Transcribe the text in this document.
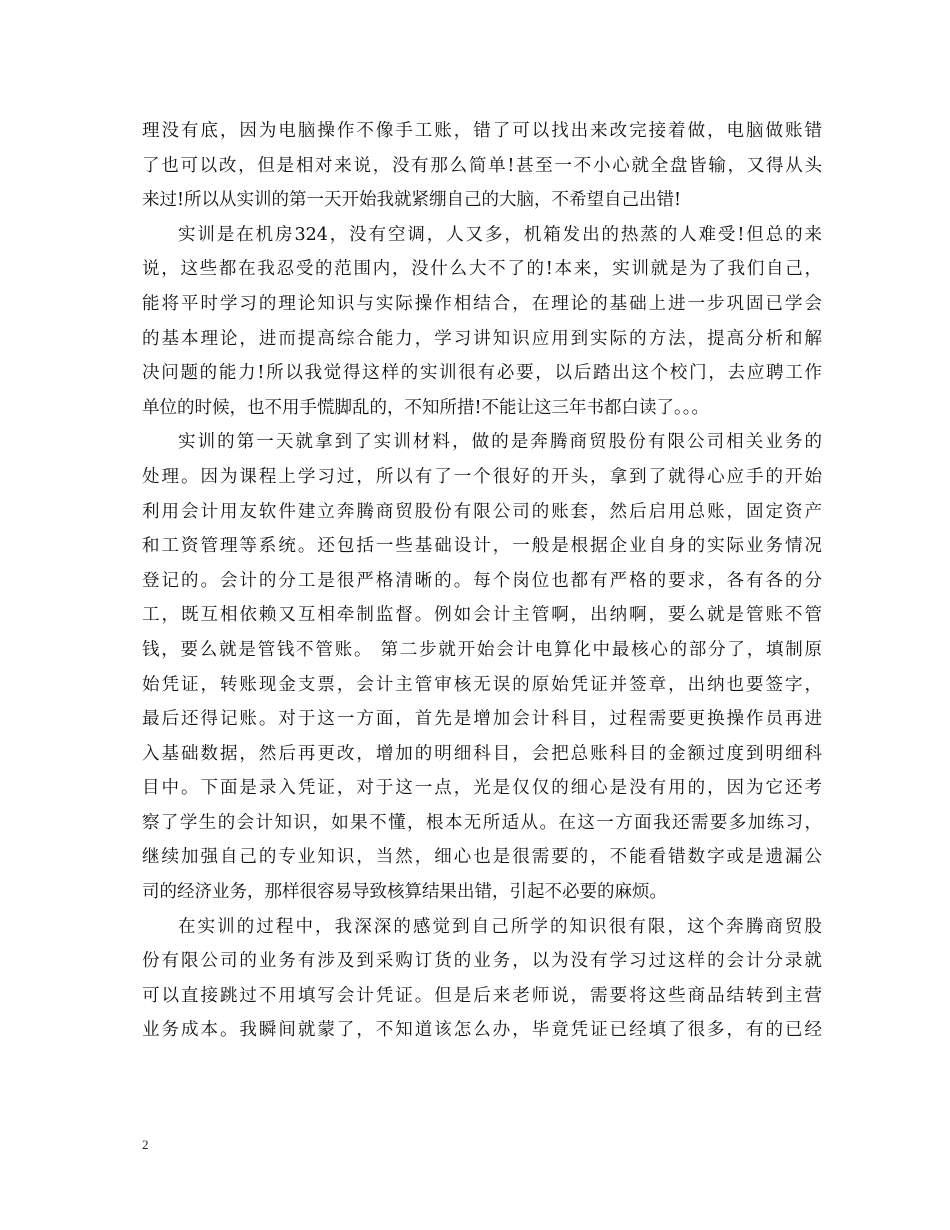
理没有底，因为电脑操作不像手工账，错了可以找出来改完接着做，电脑做账错
了也可以改，但是相对来说，没有那么简单!甚至一不小心就全盘皆输，又得从头
来过!所以从实训的第一天开始我就紧绷自己的大脑，不希望自己出错!
实训是在机房324，没有空调，人又多，机箱发出的热蒸的人难受!但总的来
说，这些都在我忍受的范围内，没什么大不了的!本来，实训就是为了我们自己，
能将平时学习的理论知识与实际操作相结合，在理论的基础上进一步巩固已学会
的基本理论，进而提高综合能力，学习讲知识应用到实际的方法，提高分析和解
决问题的能力!所以我觉得这样的实训很有必要，以后踏出这个校门，去应聘工作
单位的时候，也不用手慌脚乱的，不知所措!不能让这三年书都白读了。。。
实训的第一天就拿到了实训材料，做的是奔腾商贸股份有限公司相关业务的
处理。因为课程上学习过，所以有了一个很好的开头，拿到了就得心应手的开始
利用会计用友软件建立奔腾商贸股份有限公司的账套，然后启用总账，固定资产
和工资管理等系统。还包括一些基础设计，一般是根据企业自身的实际业务情况
登记的。会计的分工是很严格清晰的。每个岗位也都有严格的要求，各有各的分
工，既互相依赖又互相牵制监督。例如会计主管啊，出纳啊，要么就是管账不管
钱，要么就是管钱不管账。 第二步就开始会计电算化中最核心的部分了，填制原
始凭证，转账现金支票，会计主管审核无误的原始凭证并签章，出纳也要签字，
最后还得记账。对于这一方面，首先是增加会计科目，过程需要更换操作员再进
入基础数据，然后再更改，增加的明细科目，会把总账科目的金额过度到明细科
目中。下面是录入凭证，对于这一点，光是仅仅的细心是没有用的，因为它还考
察了学生的会计知识，如果不懂，根本无所适从。在这一方面我还需要多加练习，
继续加强自己的专业知识，当然，细心也是很需要的，不能看错数字或是遗漏公
司的经济业务，那样很容易导致核算结果出错，引起不必要的麻烦。
在实训的过程中，我深深的感觉到自己所学的知识很有限，这个奔腾商贸股
份有限公司的业务有涉及到采购订货的业务，以为没有学习过这样的会计分录就
可以直接跳过不用填写会计凭证。但是后来老师说，需要将这些商品结转到主营
业务成本。我瞬间就蒙了，不知道该怎么办，毕竟凭证已经填了很多，有的已经
2
